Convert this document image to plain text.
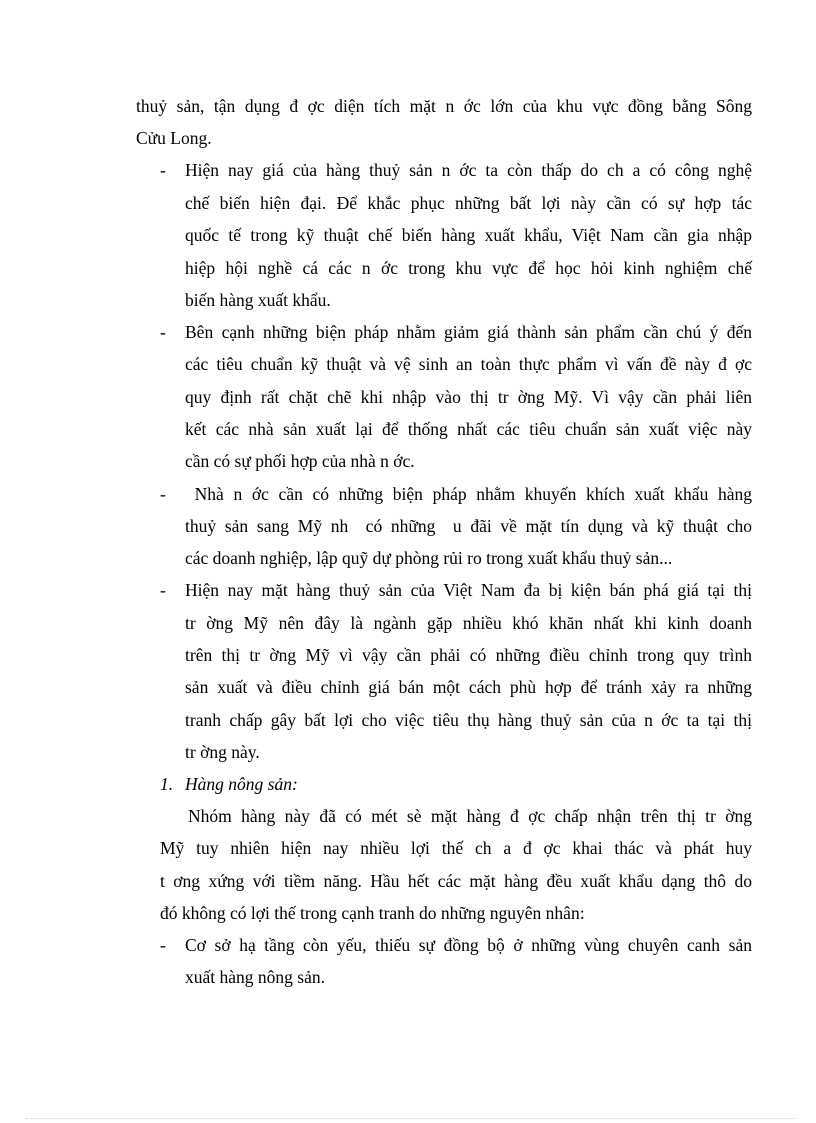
thuỷ sản, tận dụng đ ợc diện tích mặt n ớc lớn của khu vực đồng bằng Sông
Cửu Long.
-	Hiện nay giá của hàng thuỷ sản n ớc ta còn thấp do ch a có công nghệ
chế biến hiện đại. Để khắc phục những bất lợi này cần có sự hợp tác
quốc tế trong kỹ thuật chế biến hàng xuất khẩu, Việt Nam cần gia nhập
hiệp hội nghề cá các n ớc trong khu vực để học hỏi kinh nghiệm chế
biến hàng xuất khẩu.
-	Bên cạnh những biện pháp nhằm giảm giá thành sản phẩm cần chú ý đến
các tiêu chuẩn kỹ thuật và vệ sinh an toàn thực phẩm vì vấn đề này đ ợc
quy định rất chặt chẽ khi nhập vào thị tr ờng Mỹ. Vì vậy cần phải liên
kết các nhà sản xuất lại để thống nhất các tiêu chuẩn sản xuất việc này
cần có sự phối hợp của nhà n ớc.
-	Nhà n ớc cần có những biện pháp nhằm khuyến khích xuất khẩu hàng
thuỷ sản sang Mỹ nh  có những  u đãi về mặt tín dụng và kỹ thuật cho
các doanh nghiệp, lập quỹ dự phòng rủi ro trong xuất khẩu thuỷ sản...
-	Hiện nay mặt hàng thuỷ sản của Việt Nam đa bị kiện bán phá giá tại thị
tr ờng Mỹ nên đây là ngành gặp nhiều khó khăn nhất khi kinh doanh
trên thị tr ờng Mỹ vì vậy cần phải có những điều chỉnh trong quy trình
sản xuất và điều chỉnh giá bán một cách phù hợp để tránh xảy ra những
tranh chấp gây bất lợi cho việc tiêu thụ hàng thuỷ sản của n ớc ta tại thị
tr ờng này.
1. Hàng nông sản:
Nhóm hàng này đã có mét sè mặt hàng đ ợc chấp nhận trên thị tr ờng
Mỹ tuy nhiên hiện nay nhiều lợi thế ch a đ ợc khai thác và phát huy
t ơng xứng với tiềm năng. Hầu hết các mặt hàng đều xuất khẩu dạng thô do
đó không có lợi thế trong cạnh tranh do những nguyên nhân:
-	Cơ sở hạ tầng còn yếu, thiếu sự đồng bộ ở những vùng chuyên canh sản
xuất hàng nông sản.
